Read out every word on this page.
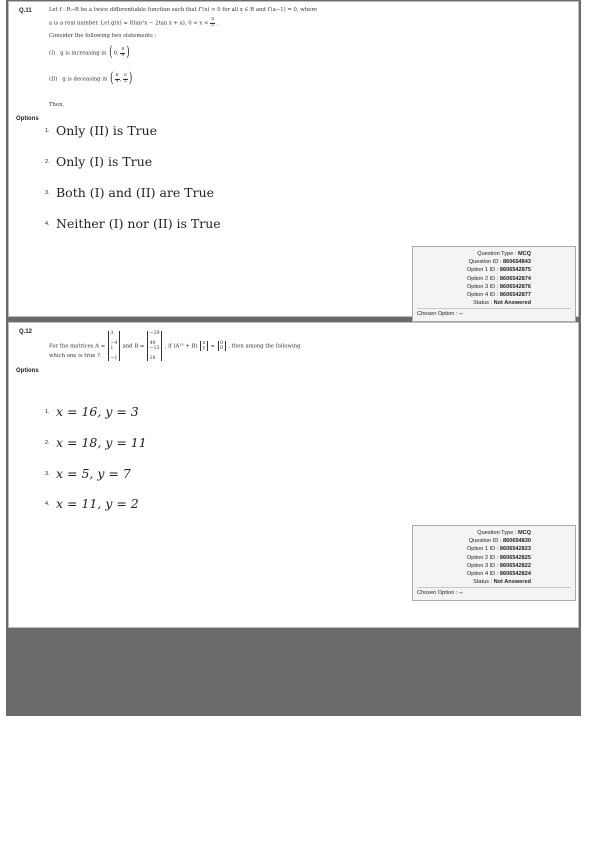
Q.11	Let f : R→R be a twice differentiable function such that f″(x) > 0 for all x ∈ R and f′(a−1) = 0, where
a is a real number. Let g(x) = f(tan²x − 2tan x + a), $0 < x < \frac{\pi}{2}$ .
Consider the following two statements :
(I) g is increasing in (0, $\frac{\pi}{4}$ )
(II) g is deceasing in ( $\frac{\pi}{4}$ , $\frac{\pi}{2}$ )
Then,
Options
1. Only (II) is True
2. Only (I) is True
3. Both (I) and (II) are True
4. Neither (I) nor (II) is True
Question Type : MCQ
Question ID : 860654843
Option 1 ID : 8606542875
Option 2 ID : 8606542874
Option 3 ID : 8606542876
Option 4 ID : 8606542877
Status : Not Answered
Chosen Option : --
Q.12
For the matrices A =
3

−4
1

−1
and B =
−29

49
−13

18
, if (A¹⁵ + B) x
y = 0
0 , then among the following
which one is true ?
Options
1. x = 16, y = 3
2. x = 18, y = 11
3. x = 5, y = 7
4. x = 11, y = 2
Question Type : MCQ
Question ID : 860654830
Option 1 ID : 8606542823
Option 2 ID : 8606542825
Option 3 ID : 8606542822
Option 4 ID : 8606542824
Status : Not Answered
Chosen Option : --
